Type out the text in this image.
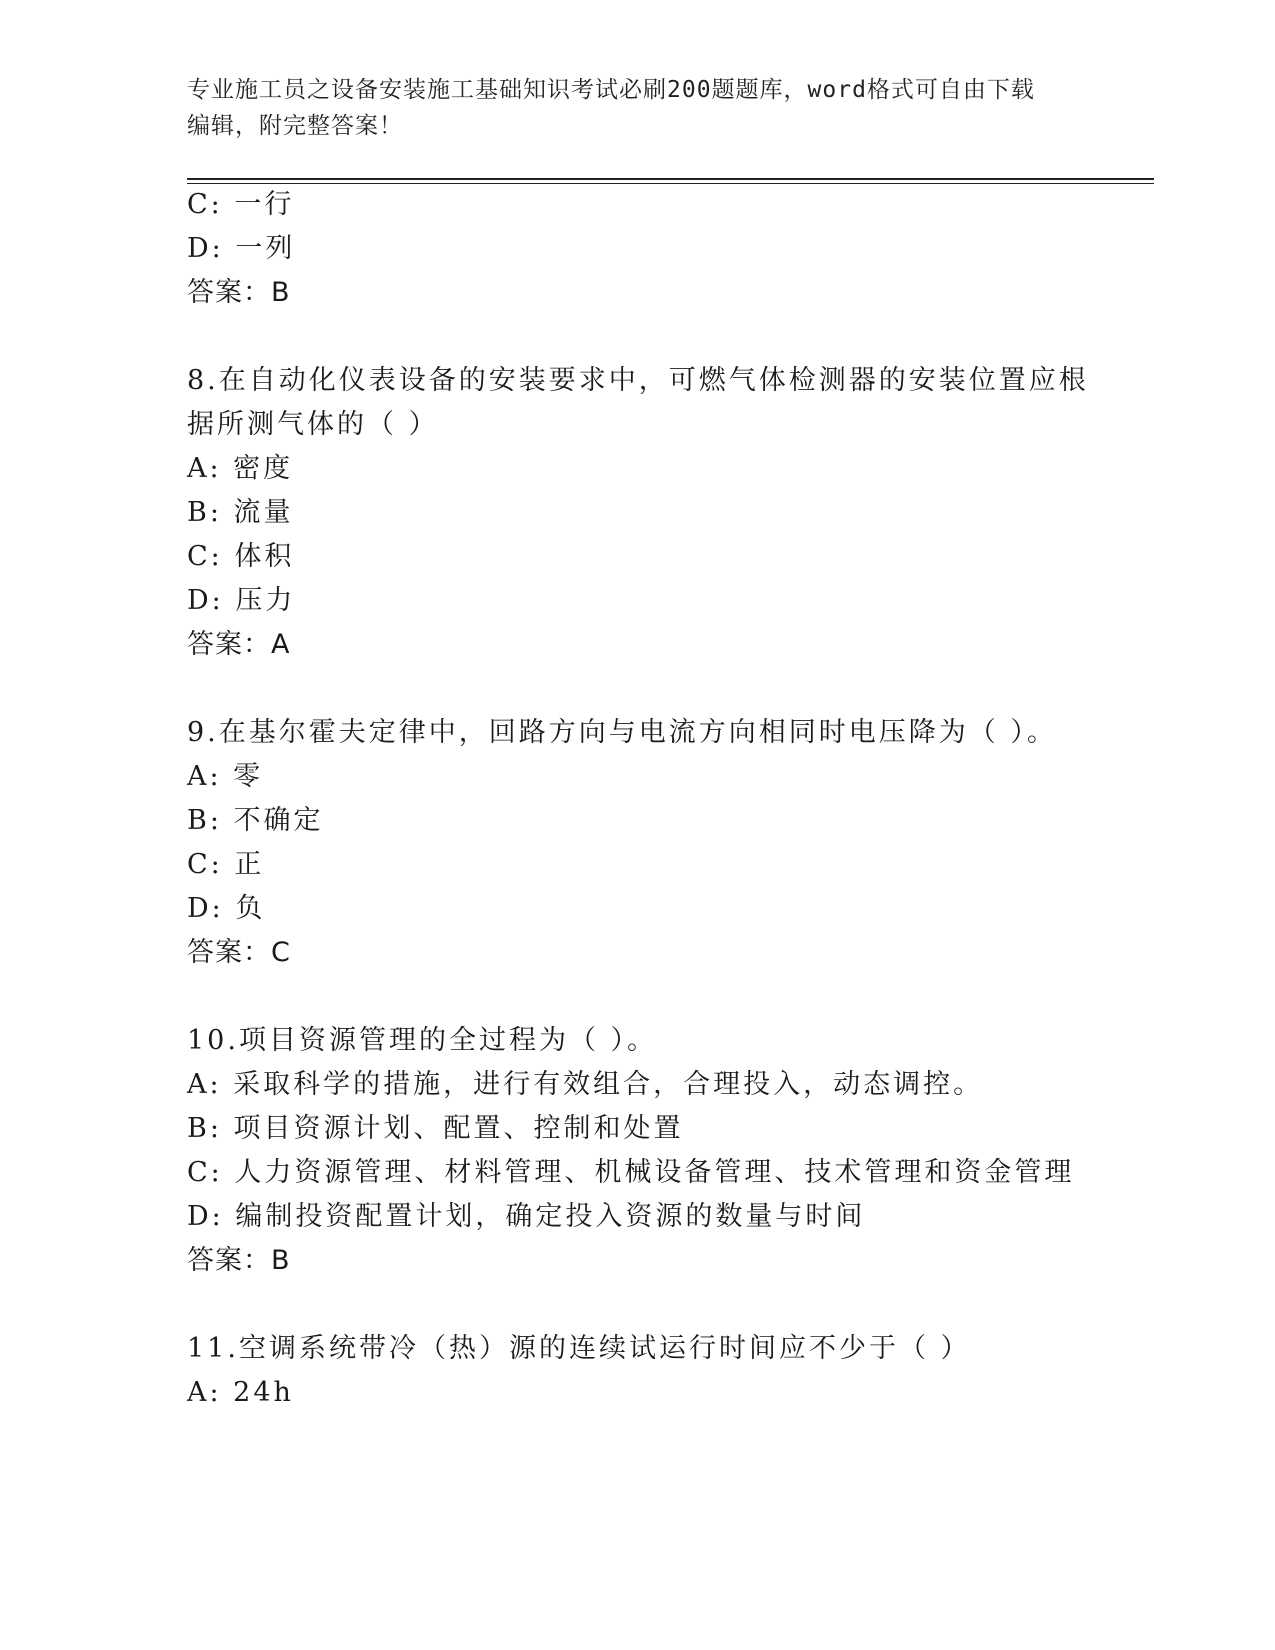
专业施工员之设备安装施工基础知识考试必刷200题题库，word格式可自由下载
编辑，附完整答案！
C: 一行
D: 一列
答案：B
8.在自动化仪表设备的安装要求中，可燃气体检测器的安装位置应根
据所测气体的（ ）
A: 密度
B: 流量
C: 体积
D: 压力
答案：A
9.在基尔霍夫定律中，回路方向与电流方向相同时电压降为（ ）。
A: 零
B: 不确定
C: 正
D: 负
答案：C
10.项目资源管理的全过程为（ ）。
A: 采取科学的措施，进行有效组合，合理投入，动态调控。
B: 项目资源计划、配置、控制和处置
C: 人力资源管理、材料管理、机械设备管理、技术管理和资金管理
D: 编制投资配置计划，确定投入资源的数量与时间
答案：B
11.空调系统带冷（热）源的连续试运行时间应不少于（ ）
A: 24h
